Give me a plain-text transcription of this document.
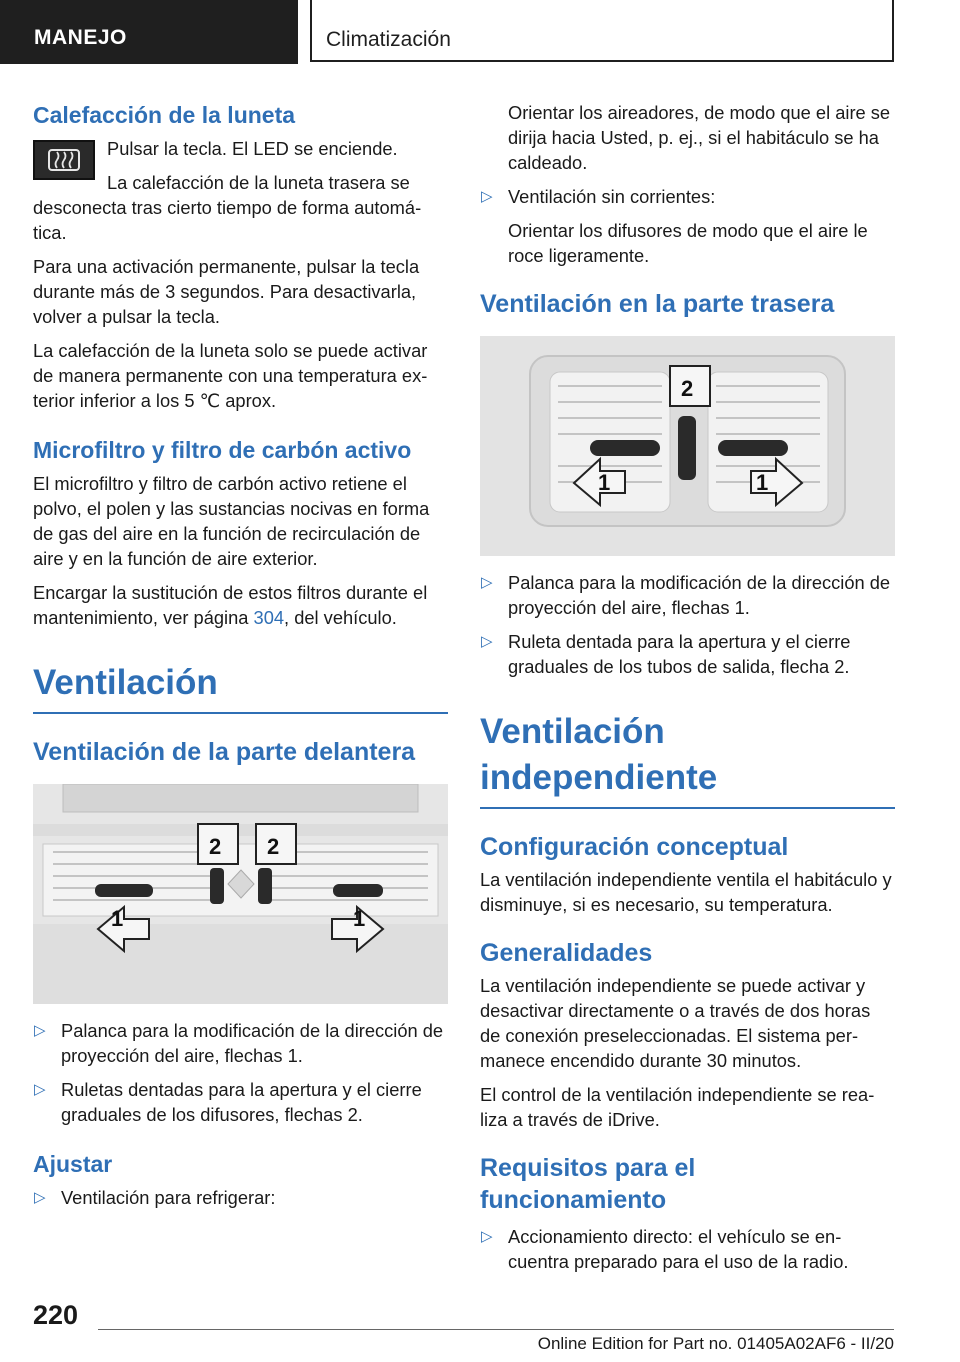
MANEJO	Climatización
Calefacción de la luneta

Pulsar la tecla. El LED se enciende.

La calefacción de la luneta trasera se desconecta tras cierto tiempo de forma automática.

Para una activación permanente, pulsar la tecla durante más de 3 segundos. Para desactivarla, volver a pulsar la tecla.

La calefacción de la luneta solo se puede activar de manera permanente con una temperatura exterior inferior a los 5 ℃ aprox.

Microfiltro y filtro de carbón activo

El microfiltro y filtro de carbón activo retiene el polvo, el polen y las sustancias nocivas en forma de gas del aire en la función de recirculación de aire y en la función de aire exterior.

Encargar la sustitución de estos filtros durante el mantenimiento, ver página 304, del vehículo.

Ventilación
Ventilación de la parte delantera
1	1
2 2

▷ Palanca para la modificación de la dirección de proyección del aire, flechas 1.

▷ Ruletas dentadas para la apertura y el cierre graduales de los difusores, flechas 2.

Ajustar

▷ Ventilación para refrigerar:

Orientar los aireadores, de modo que el aire se dirija hacia Usted, p. ej., si el habitáculo se ha caldeado.

▷ Ventilación sin corrientes:

Orientar los difusores de modo que el aire le roce ligeramente.

Ventilación en la parte trasera
2
1	1

▷ Palanca para la modificación de la dirección de proyección del aire, flechas 1.

▷ Ruleta dentada para la apertura y el cierre graduales de los tubos de salida, flecha 2.

Ventilación independiente
Configuración conceptual

La ventilación independiente ventila el habitáculo y disminuye, si es necesario, su temperatura.

Generalidades

La ventilación independiente se puede activar y desactivar directamente o a través de dos horas de conexión preseleccionadas. El sistema permanece encendido durante 30 minutos.

El control de la ventilación independiente se realiza a través de iDrive.

Requisitos para el funcionamiento

▷ Accionamiento directo: el vehículo se encuentra preparado para el uso de la radio.

220
Online Edition for Part no. 01405A02AF6 - II/20
